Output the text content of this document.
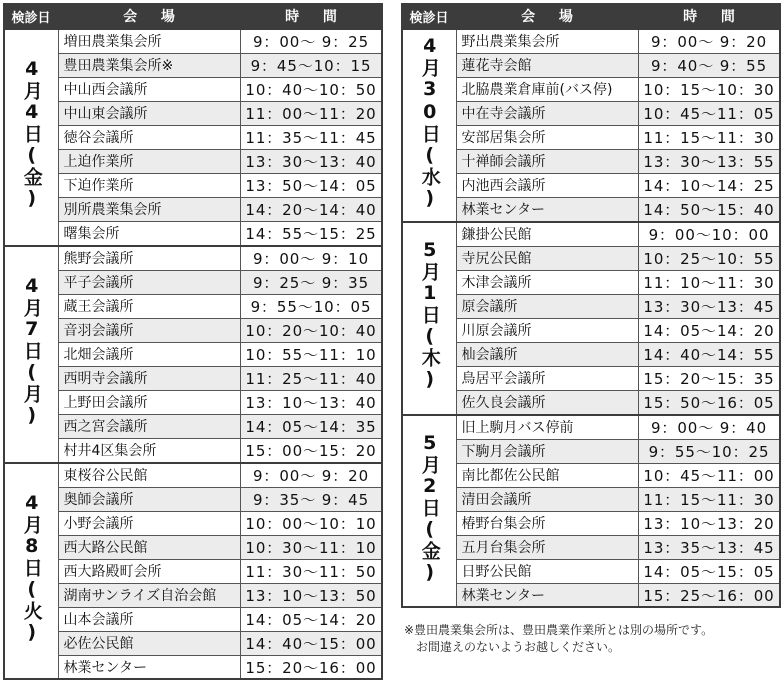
検診日	会　場	時　間
4月4日(金)	増田農業集会所	9：00～ 9：25
	豊田農業集会所※	9：45～10：15
	中山西会議所	10：40～10：50
	中山東会議所	11：00～11：20
	徳谷会議所	11：35～11：45
	上迫作業所	13：30～13：40
	下迫作業所	13：50～14：05
	別所農業集会所	14：20～14：40
	曙集会所	14：55～15：25
4月7日(月)	熊野会議所	9：00～ 9：10
	平子会議所	9：25～ 9：35
	蔵王会議所	9：55～10：05
	音羽会議所	10：20～10：40
	北畑会議所	10：55～11：10
	西明寺会議所	11：25～11：40
	上野田会議所	13：10～13：40
	西之宮会議所	14：05～14：35
	村井4区集会所	15：00～15：20
4月8日(火)	東桜谷公民館	9：00～ 9：20
	奥師会議所	9：35～ 9：45
	小野会議所	10：00～10：10
	西大路公民館	10：30～11：10
	西大路殿町会所	11：30～11：50
	湖南サンライズ自治会館	13：10～13：50
	山本会議所	14：05～14：20
	必佐公民館	14：40～15：00
	林業センター	15：20～16：00
検診日	会　場	時　間
4月30日(水)	野出農業集会所	9：00～ 9：20
	蓮花寺会館	9：40～ 9：55
	北脇農業倉庫前(バス停)	10：15～10：30
	中在寺会議所	10：45～11：05
	安部居集会所	11：15～11：30
	十禅師会議所	13：30～13：55
	内池西会議所	14：10～14：25
	林業センター	14：50～15：40
5月1日(木)	鎌掛公民館	9：00～10：00
	寺尻公民館	10：25～10：55
	木津会議所	11：10～11：30
	原会議所	13：30～13：45
	川原会議所	14：05～14：20
	杣会議所	14：40～14：55
	鳥居平会議所	15：20～15：35
	佐久良会議所	15：50～16：05
5月2日(金)	旧上駒月バス停前	9：00～ 9：40
	下駒月会議所	9：55～10：25
	南比都佐公民館	10：45～11：00
	清田会議所	11：15～11：30
	椿野台集会所	13：10～13：20
	五月台集会所	13：35～13：45
	日野公民館	14：05～15：05
	林業センター	15：25～16：00
※豊田農業集会所は、豊田農業作業所とは別の場所です。
お間違えのないようお越しください。
